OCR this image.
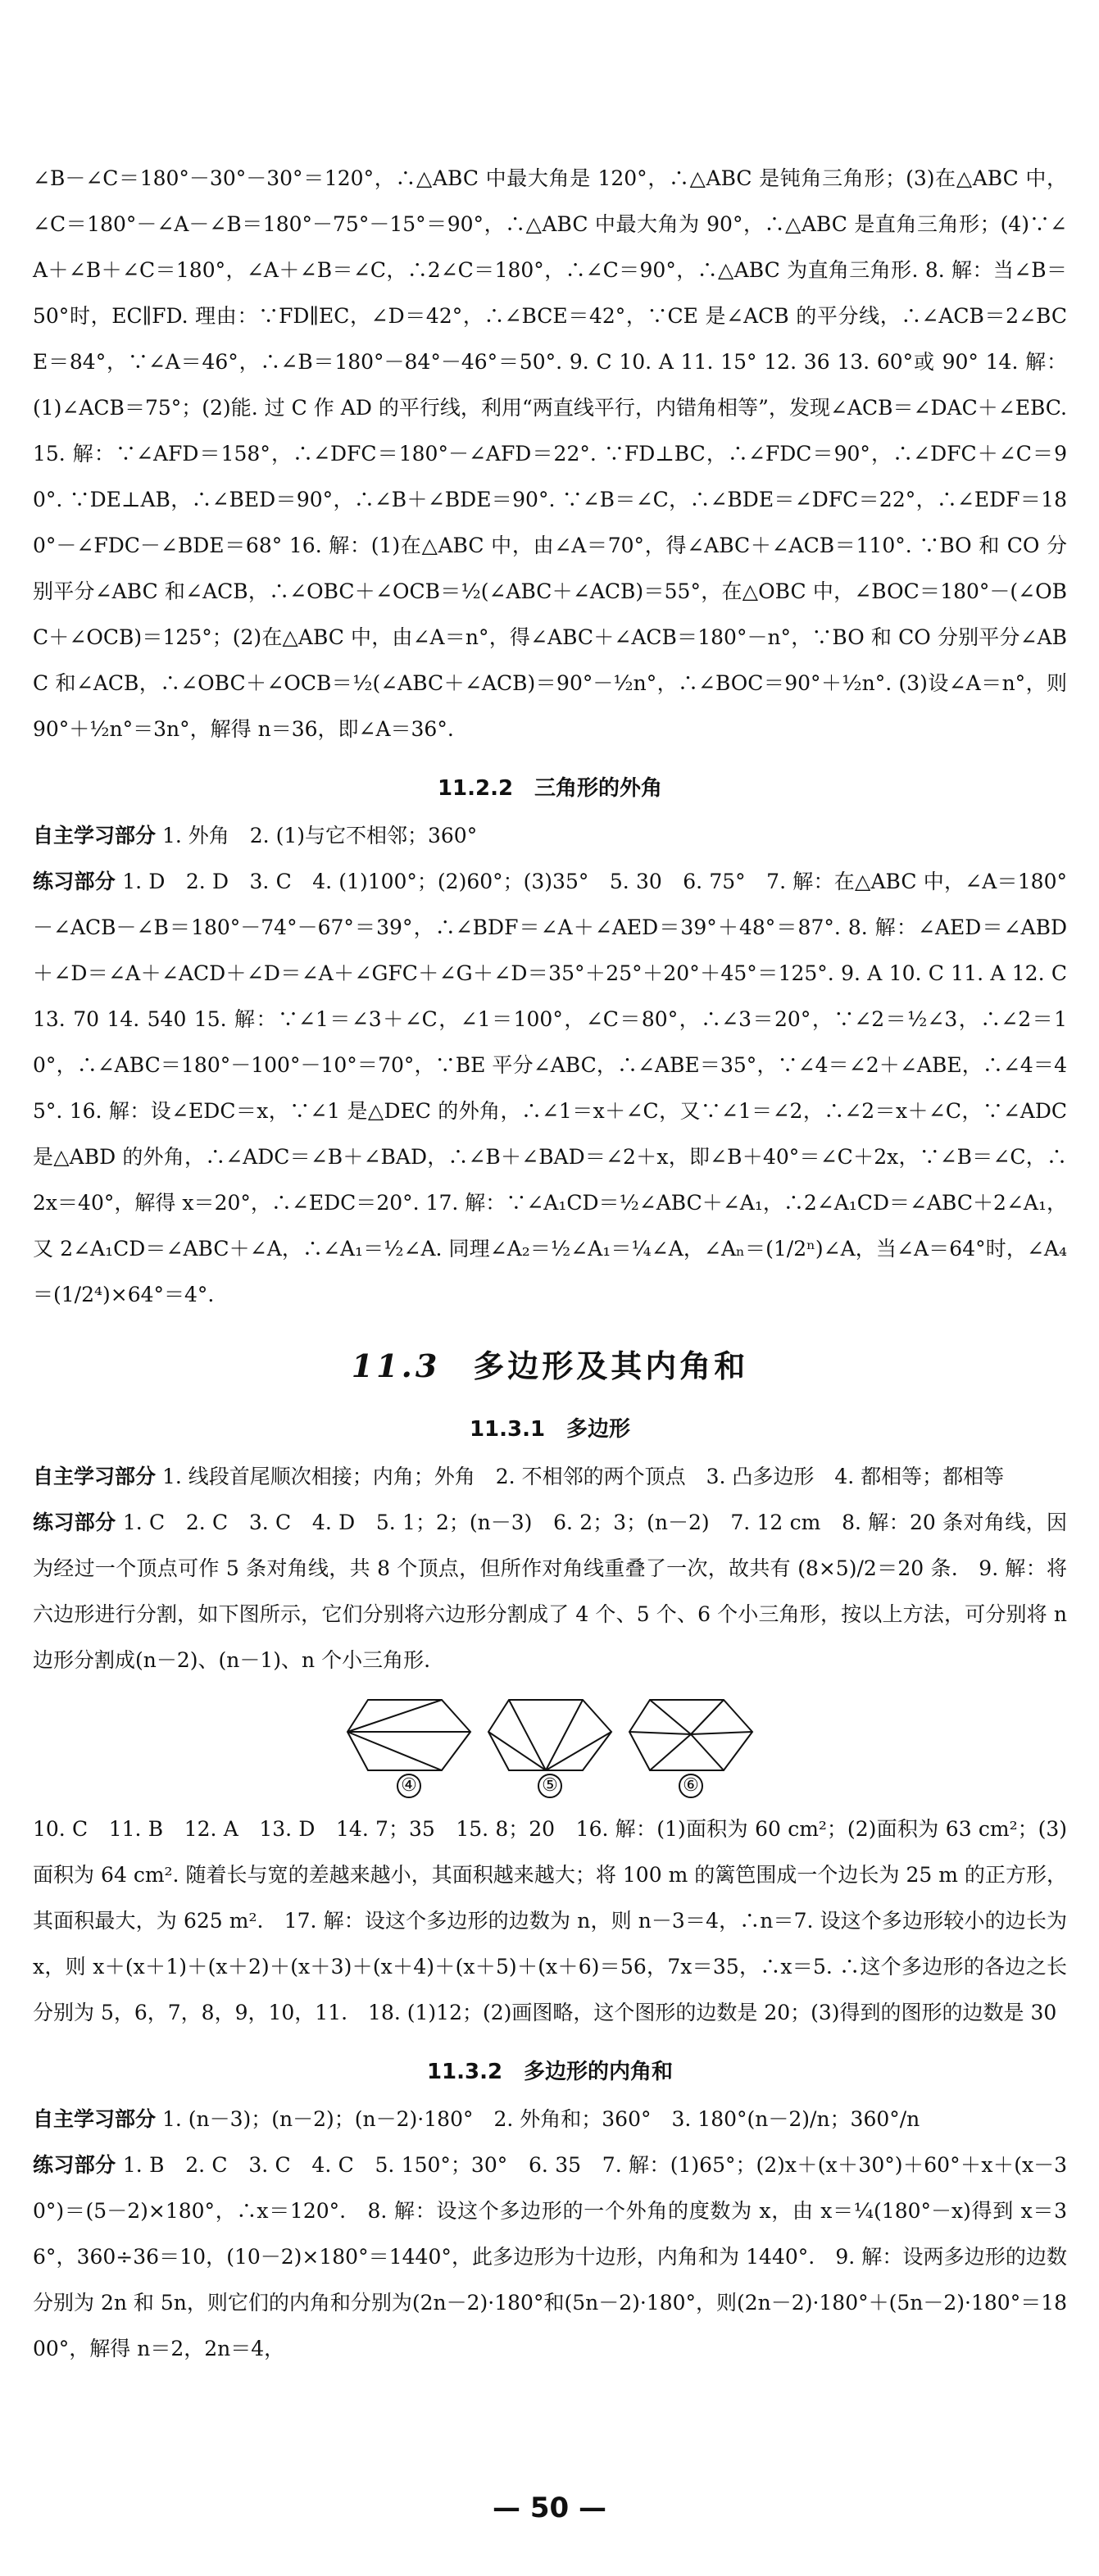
∠B－∠C＝180°－30°－30°＝120°，∴△ABC 中最大角是 120°，∴△ABC 是钝角三角形；(3)在△ABC 中，∠C＝180°－∠A－∠B＝180°－75°－15°＝90°，∴△ABC 中最大角为 90°，∴△ABC 是直角三角形；(4)∵∠A＋∠B＋∠C＝180°，∠A＋∠B＝∠C，∴2∠C＝180°，∴∠C＝90°，∴△ABC 为直角三角形. 8. 解：当∠B＝50°时，EC∥FD. 理由：∵FD∥EC，∠D＝42°，∴∠BCE＝42°，∵CE 是∠ACB 的平分线，∴∠ACB＝2∠BCE＝84°，∵∠A＝46°，∴∠B＝180°－84°－46°＝50°. 9. C 10. A 11. 15° 12. 36 13. 60°或 90° 14. 解：(1)∠ACB＝75°；(2)能. 过 C 作 AD 的平行线，利用“两直线平行，内错角相等”，发现∠ACB＝∠DAC＋∠EBC. 15. 解：∵∠AFD＝158°，∴∠DFC＝180°－∠AFD＝22°. ∵FD⊥BC，∴∠FDC＝90°，∴∠DFC＋∠C＝90°. ∵DE⊥AB，∴∠BED＝90°，∴∠B＋∠BDE＝90°. ∵∠B＝∠C，∴∠BDE＝∠DFC＝22°，∴∠EDF＝180°－∠FDC－∠BDE＝68° 16. 解：(1)在△ABC 中，由∠A＝70°，得∠ABC＋∠ACB＝110°. ∵BO 和 CO 分别平分∠ABC 和∠ACB，∴∠OBC＋∠OCB＝½(∠ABC＋∠ACB)＝55°，在△OBC 中，∠BOC＝180°－(∠OBC＋∠OCB)＝125°；(2)在△ABC 中，由∠A＝n°，得∠ABC＋∠ACB＝180°－n°，∵BO 和 CO 分别平分∠ABC 和∠ACB，∴∠OBC＋∠OCB＝½(∠ABC＋∠ACB)＝90°－½n°，∴∠BOC＝90°＋½n°. (3)设∠A＝n°，则 90°＋½n°＝3n°，解得 n＝36，即∠A＝36°.

11.2.2　三角形的外角

自主学习部分 1. 外角　2. (1)与它不相邻；360°

练习部分 1. D　2. D　3. C　4. (1)100°；(2)60°；(3)35°　5. 30　6. 75°　7. 解：在△ABC 中，∠A＝180°－∠ACB－∠B＝180°－74°－67°＝39°，∴∠BDF＝∠A＋∠AED＝39°＋48°＝87°. 8. 解：∠AED＝∠ABD＋∠D＝∠A＋∠ACD＋∠D＝∠A＋∠GFC＋∠G＋∠D＝35°＋25°＋20°＋45°＝125°. 9. A 10. C 11. A 12. C 13. 70 14. 540 15. 解：∵∠1＝∠3＋∠C，∠1＝100°，∠C＝80°，∴∠3＝20°，∵∠2＝½∠3，∴∠2＝10°，∴∠ABC＝180°－100°－10°＝70°，∵BE 平分∠ABC，∴∠ABE＝35°，∵∠4＝∠2＋∠ABE，∴∠4＝45°. 16. 解：设∠EDC＝x，∵∠1 是△DEC 的外角，∴∠1＝x＋∠C，又∵∠1＝∠2，∴∠2＝x＋∠C，∵∠ADC 是△ABD 的外角，∴∠ADC＝∠B＋∠BAD，∴∠B＋∠BAD＝∠2＋x，即∠B＋40°＝∠C＋2x，∵∠B＝∠C，∴2x＝40°，解得 x＝20°，∴∠EDC＝20°. 17. 解：∵∠A₁CD＝½∠ABC＋∠A₁，∴2∠A₁CD＝∠ABC＋2∠A₁，又 2∠A₁CD＝∠ABC＋∠A，∴∠A₁＝½∠A. 同理∠A₂＝½∠A₁＝¼∠A，∠Aₙ＝(1/2ⁿ)∠A，当∠A＝64°时，∠A₄＝(1/2⁴)×64°＝4°.

11.3 多边形及其内角和
11.3.1　多边形

自主学习部分 1. 线段首尾顺次相接；内角；外角　2. 不相邻的两个顶点　3. 凸多边形　4. 都相等；都相等

练习部分 1. C　2. C　3. C　4. D　5. 1；2；(n－3)　6. 2；3；(n－2)　7. 12 cm　8. 解：20 条对角线，因为经过一个顶点可作 5 条对角线，共 8 个顶点，但所作对角线重叠了一次，故共有 (8×5)/2＝20 条.　9. 解：将六边形进行分割，如下图所示，它们分别将六边形分割成了 4 个、5 个、6 个小三角形，按以上方法，可分别将 n 边形分割成(n－2)、(n－1)、n 个小三角形.

④	⑤	⑥

10. C　11. B　12. A　13. D　14. 7；35　15. 8；20　16. 解：(1)面积为 60 cm²；(2)面积为 63 cm²；(3)面积为 64 cm². 随着长与宽的差越来越小，其面积越来越大；将 100 m 的篱笆围成一个边长为 25 m 的正方形，其面积最大，为 625 m².　17. 解：设这个多边形的边数为 n，则 n－3＝4，∴n＝7. 设这个多边形较小的边长为 x，则 x＋(x＋1)＋(x＋2)＋(x＋3)＋(x＋4)＋(x＋5)＋(x＋6)＝56，7x＝35，∴x＝5. ∴这个多边形的各边之长分别为 5，6，7，8，9，10，11.　18. (1)12；(2)画图略，这个图形的边数是 20；(3)得到的图形的边数是 30

11.3.2　多边形的内角和

自主学习部分 1. (n－3)；(n－2)；(n－2)·180°　2. 外角和；360°　3. 180°(n－2)/n；360°/n

练习部分 1. B　2. C　3. C　4. C　5. 150°；30°　6. 35　7. 解：(1)65°；(2)x＋(x＋30°)＋60°＋x＋(x－30°)＝(5－2)×180°，∴x＝120°.　8. 解：设这个多边形的一个外角的度数为 x，由 x＝¼(180°－x)得到 x＝36°，360÷36＝10，(10－2)×180°＝1440°，此多边形为十边形，内角和为 1440°.　9. 解：设两多边形的边数分别为 2n 和 5n，则它们的内角和分别为(2n－2)·180°和(5n－2)·180°，则(2n－2)·180°＋(5n－2)·180°＝1800°，解得 n＝2，2n＝4，

— 50 —
